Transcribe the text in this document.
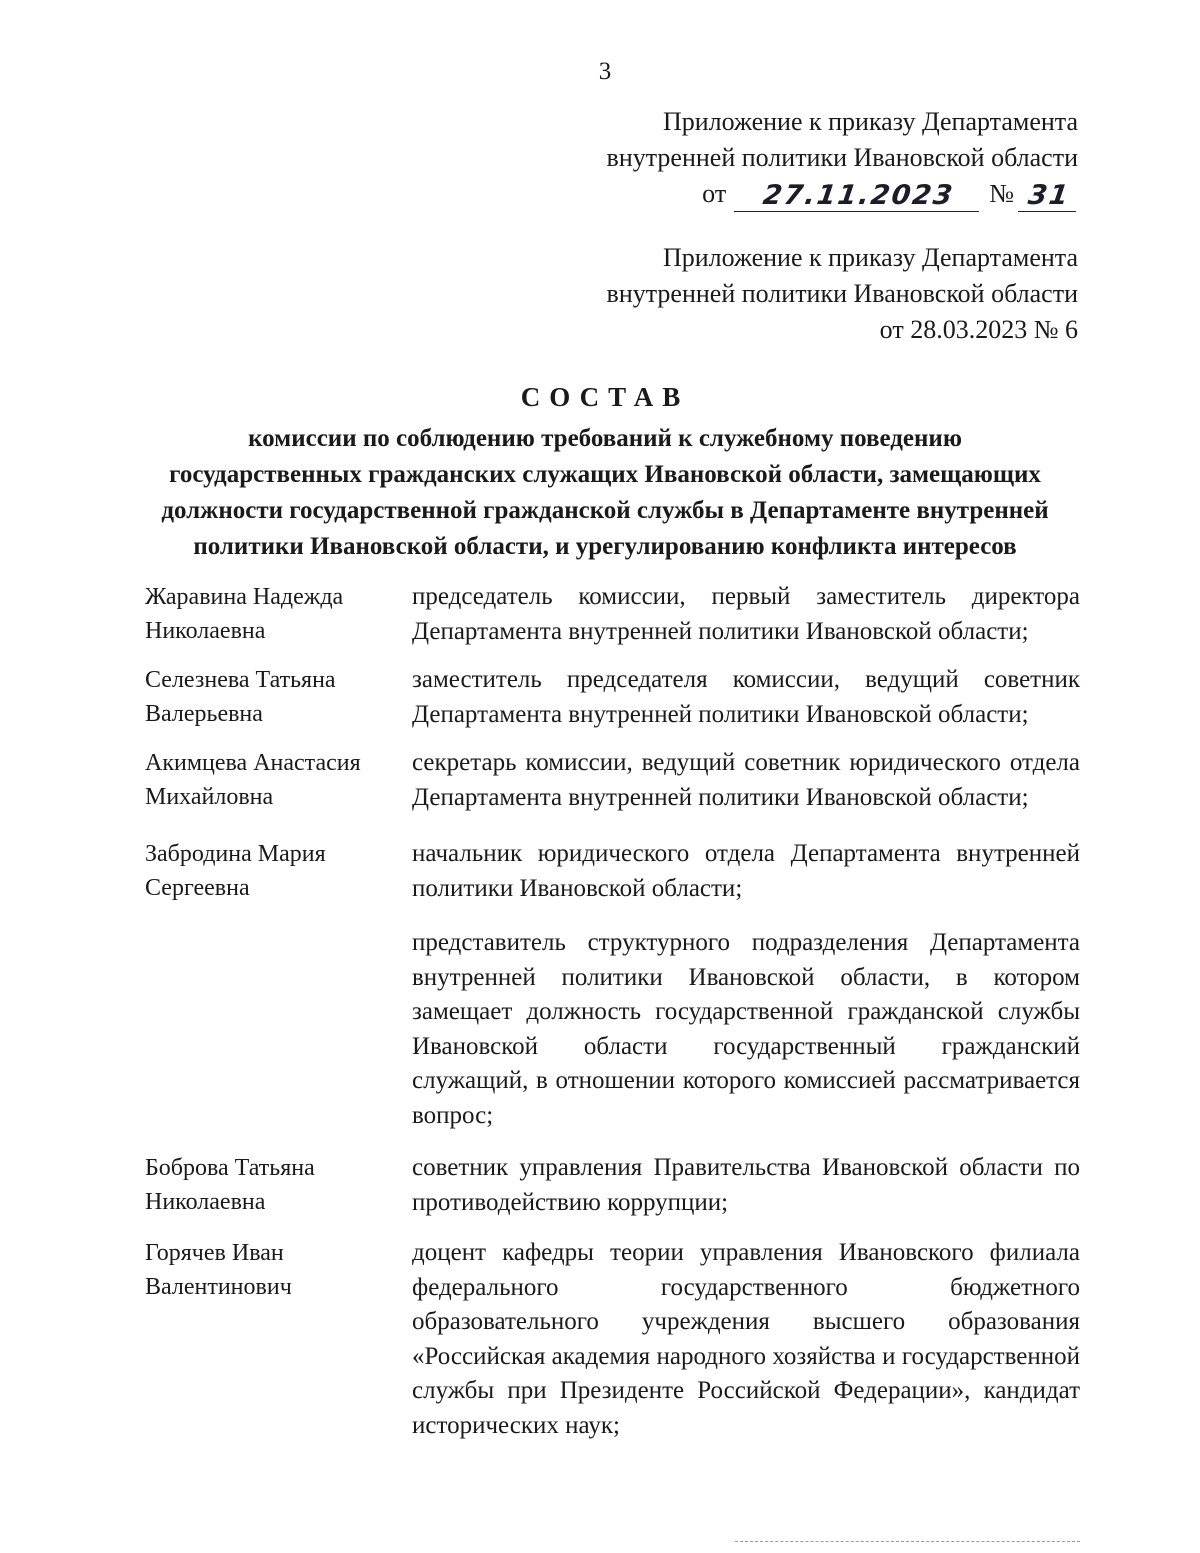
3
Приложение к приказу Департамента
внутренней политики Ивановской области
от	27.11.2023	№ 31
Приложение к приказу Департамента
внутренней политики Ивановской области
от 28.03.2023 № 6
СОСТАВ
комиссии по соблюдению требований к служебному поведению
государственных гражданских служащих Ивановской области, замещающих
должности государственной гражданской службы в Департаменте внутренней
политики Ивановской области, и урегулированию конфликта интересов
Жаравина Надежда
Николаевна
председатель комиссии, первый заместитель директора Департамента внутренней политики Ивановской области;
Селезнева Татьяна
Валерьевна
заместитель председателя комиссии, ведущий советник Департамента внутренней политики Ивановской области;
Акимцева Анастасия
Михайловна
секретарь комиссии, ведущий советник юридического отдела Департамента внутренней политики Ивановской области;
Забродина Мария
Сергеевна
начальник юридического отдела Департамента внутренней политики Ивановской области;
представитель структурного подразделения Департамента внутренней политики Ивановской области, в котором замещает должность государственной гражданской службы Ивановской области государственный гражданский служащий, в отношении которого комиссией рассматривается вопрос;
Боброва Татьяна
Николаевна
советник управления Правительства Ивановской области по противодействию коррупции;
Горячев Иван
Валентинович
доцент кафедры теории управления Ивановского филиала федерального государственного бюджетного образовательного учреждения высшего образования «Российская академия народного хозяйства и государственной службы при Президенте Российской Федерации», кандидат исторических наук;
